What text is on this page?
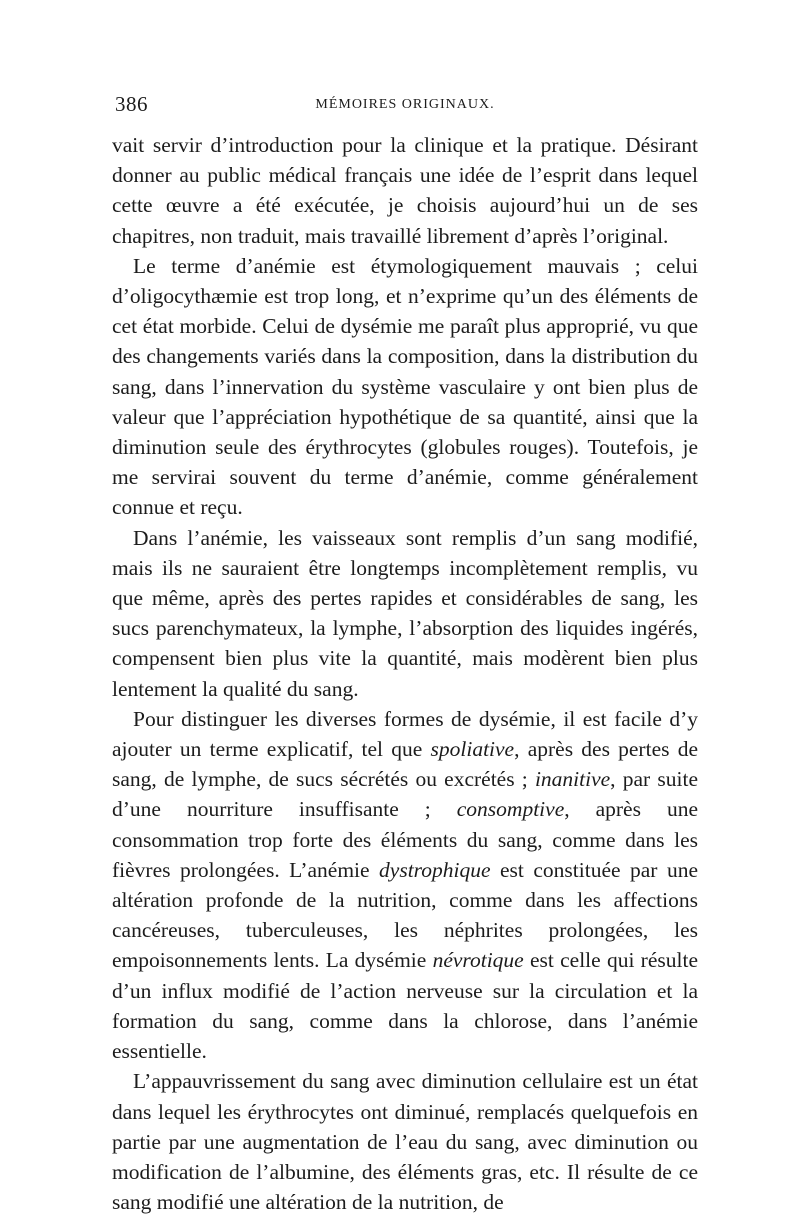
386	MÉMOIRES ORIGINAUX.

vait servir d’introduction pour la clinique et la pratique. Désirant donner au public médical français une idée de l’esprit dans lequel cette œuvre a été exécutée, je choisis aujourd’hui un de ses chapitres, non traduit, mais travaillé librement d’après l’original.

Le terme d’anémie est étymologiquement mauvais ; celui d’oligocythæmie est trop long, et n’exprime qu’un des éléments de cet état morbide. Celui de dysémie me paraît plus approprié, vu que des changements variés dans la composition, dans la distribution du sang, dans l’innervation du système vasculaire y ont bien plus de valeur que l’appréciation hypothétique de sa quantité, ainsi que la diminution seule des érythrocytes (globules rouges). Toutefois, je me servirai souvent du terme d’anémie, comme généralement connue et reçu.

Dans l’anémie, les vaisseaux sont remplis d’un sang modifié, mais ils ne sauraient être longtemps incomplètement remplis, vu que même, après des pertes rapides et considérables de sang, les sucs parenchymateux, la lymphe, l’absorption des liquides ingérés, compensent bien plus vite la quantité, mais modèrent bien plus lentement la qualité du sang.

Pour distinguer les diverses formes de dysémie, il est facile d’y ajouter un terme explicatif, tel que spoliative, après des pertes de sang, de lymphe, de sucs sécrétés ou excrétés ; inanitive, par suite d’une nourriture insuffisante ; consomptive, après une consommation trop forte des éléments du sang, comme dans les fièvres prolongées. L’anémie dystrophique est constituée par une altération profonde de la nutrition, comme dans les affections cancéreuses, tuberculeuses, les néphrites prolongées, les empoisonnements lents. La dysémie névrotique est celle qui résulte d’un influx modifié de l’action nerveuse sur la circulation et la formation du sang, comme dans la chlorose, dans l’anémie essentielle.

L’appauvrissement du sang avec diminution cellulaire est un état dans lequel les érythrocytes ont diminué, remplacés quelquefois en partie par une augmentation de l’eau du sang, avec diminution ou modification de l’albumine, des éléments gras, etc. Il résulte de ce sang modifié une altération de la nutrition, de
